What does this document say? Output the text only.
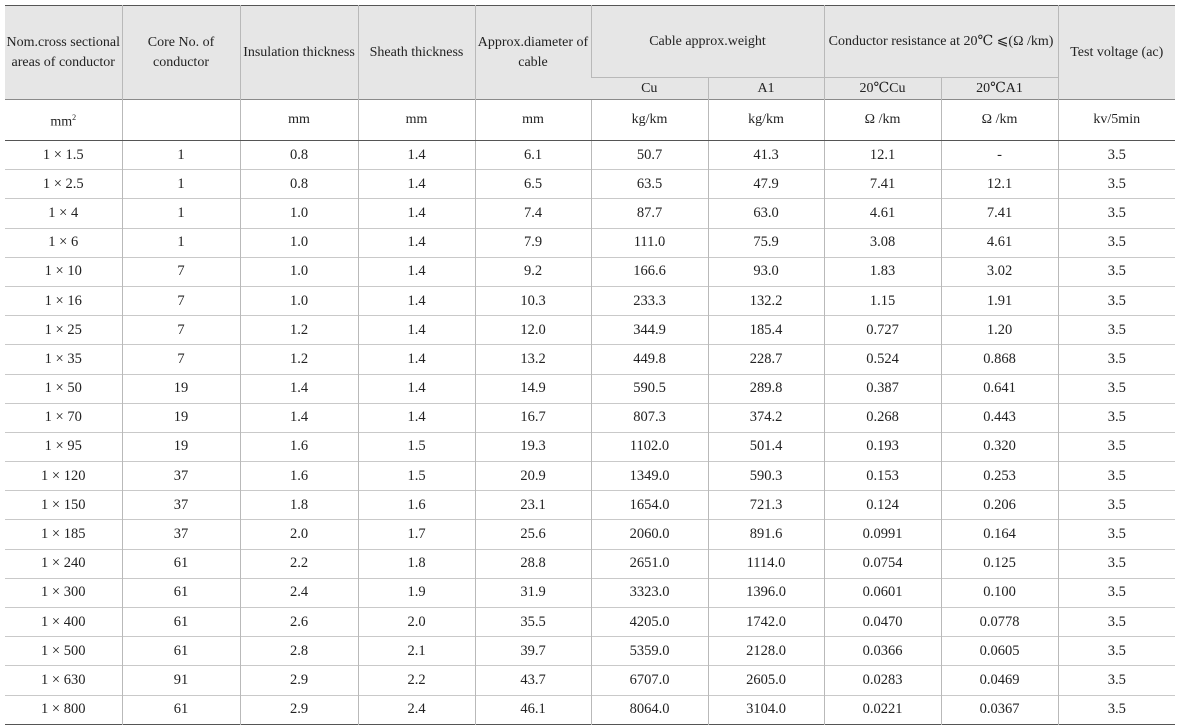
Nom.cross sectional areas of conductor	Core No. of conductor	Insulation thickness	Sheath thickness	Approx.diameter of cable	Cable approx.weight		Conductor resistance at 20℃ ⩽(Ω /km)		Test voltage (ac)
					Cu	A1	20℃Cu	20℃A1	
$mm^2$		mm	mm	mm	kg/km	kg/km	Ω /km	Ω /km	kv/5min
1 × 1.5	1	0.8	1.4	6.1	50.7	41.3	12.1	-	3.5
1 × 2.5	1	0.8	1.4	6.5	63.5	47.9	7.41	12.1	3.5
1 × 4	1	1.0	1.4	7.4	87.7	63.0	4.61	7.41	3.5
1 × 6	1	1.0	1.4	7.9	111.0	75.9	3.08	4.61	3.5
1 × 10	7	1.0	1.4	9.2	166.6	93.0	1.83	3.02	3.5
1 × 16	7	1.0	1.4	10.3	233.3	132.2	1.15	1.91	3.5
1 × 25	7	1.2	1.4	12.0	344.9	185.4	0.727	1.20	3.5
1 × 35	7	1.2	1.4	13.2	449.8	228.7	0.524	0.868	3.5
1 × 50	19	1.4	1.4	14.9	590.5	289.8	0.387	0.641	3.5
1 × 70	19	1.4	1.4	16.7	807.3	374.2	0.268	0.443	3.5
1 × 95	19	1.6	1.5	19.3	1102.0	501.4	0.193	0.320	3.5
1 × 120	37	1.6	1.5	20.9	1349.0	590.3	0.153	0.253	3.5
1 × 150	37	1.8	1.6	23.1	1654.0	721.3	0.124	0.206	3.5
1 × 185	37	2.0	1.7	25.6	2060.0	891.6	0.0991	0.164	3.5
1 × 240	61	2.2	1.8	28.8	2651.0	1114.0	0.0754	0.125	3.5
1 × 300	61	2.4	1.9	31.9	3323.0	1396.0	0.0601	0.100	3.5
1 × 400	61	2.6	2.0	35.5	4205.0	1742.0	0.0470	0.0778	3.5
1 × 500	61	2.8	2.1	39.7	5359.0	2128.0	0.0366	0.0605	3.5
1 × 630	91	2.9	2.2	43.7	6707.0	2605.0	0.0283	0.0469	3.5
1 × 800	61	2.9	2.4	46.1	8064.0	3104.0	0.0221	0.0367	3.5
